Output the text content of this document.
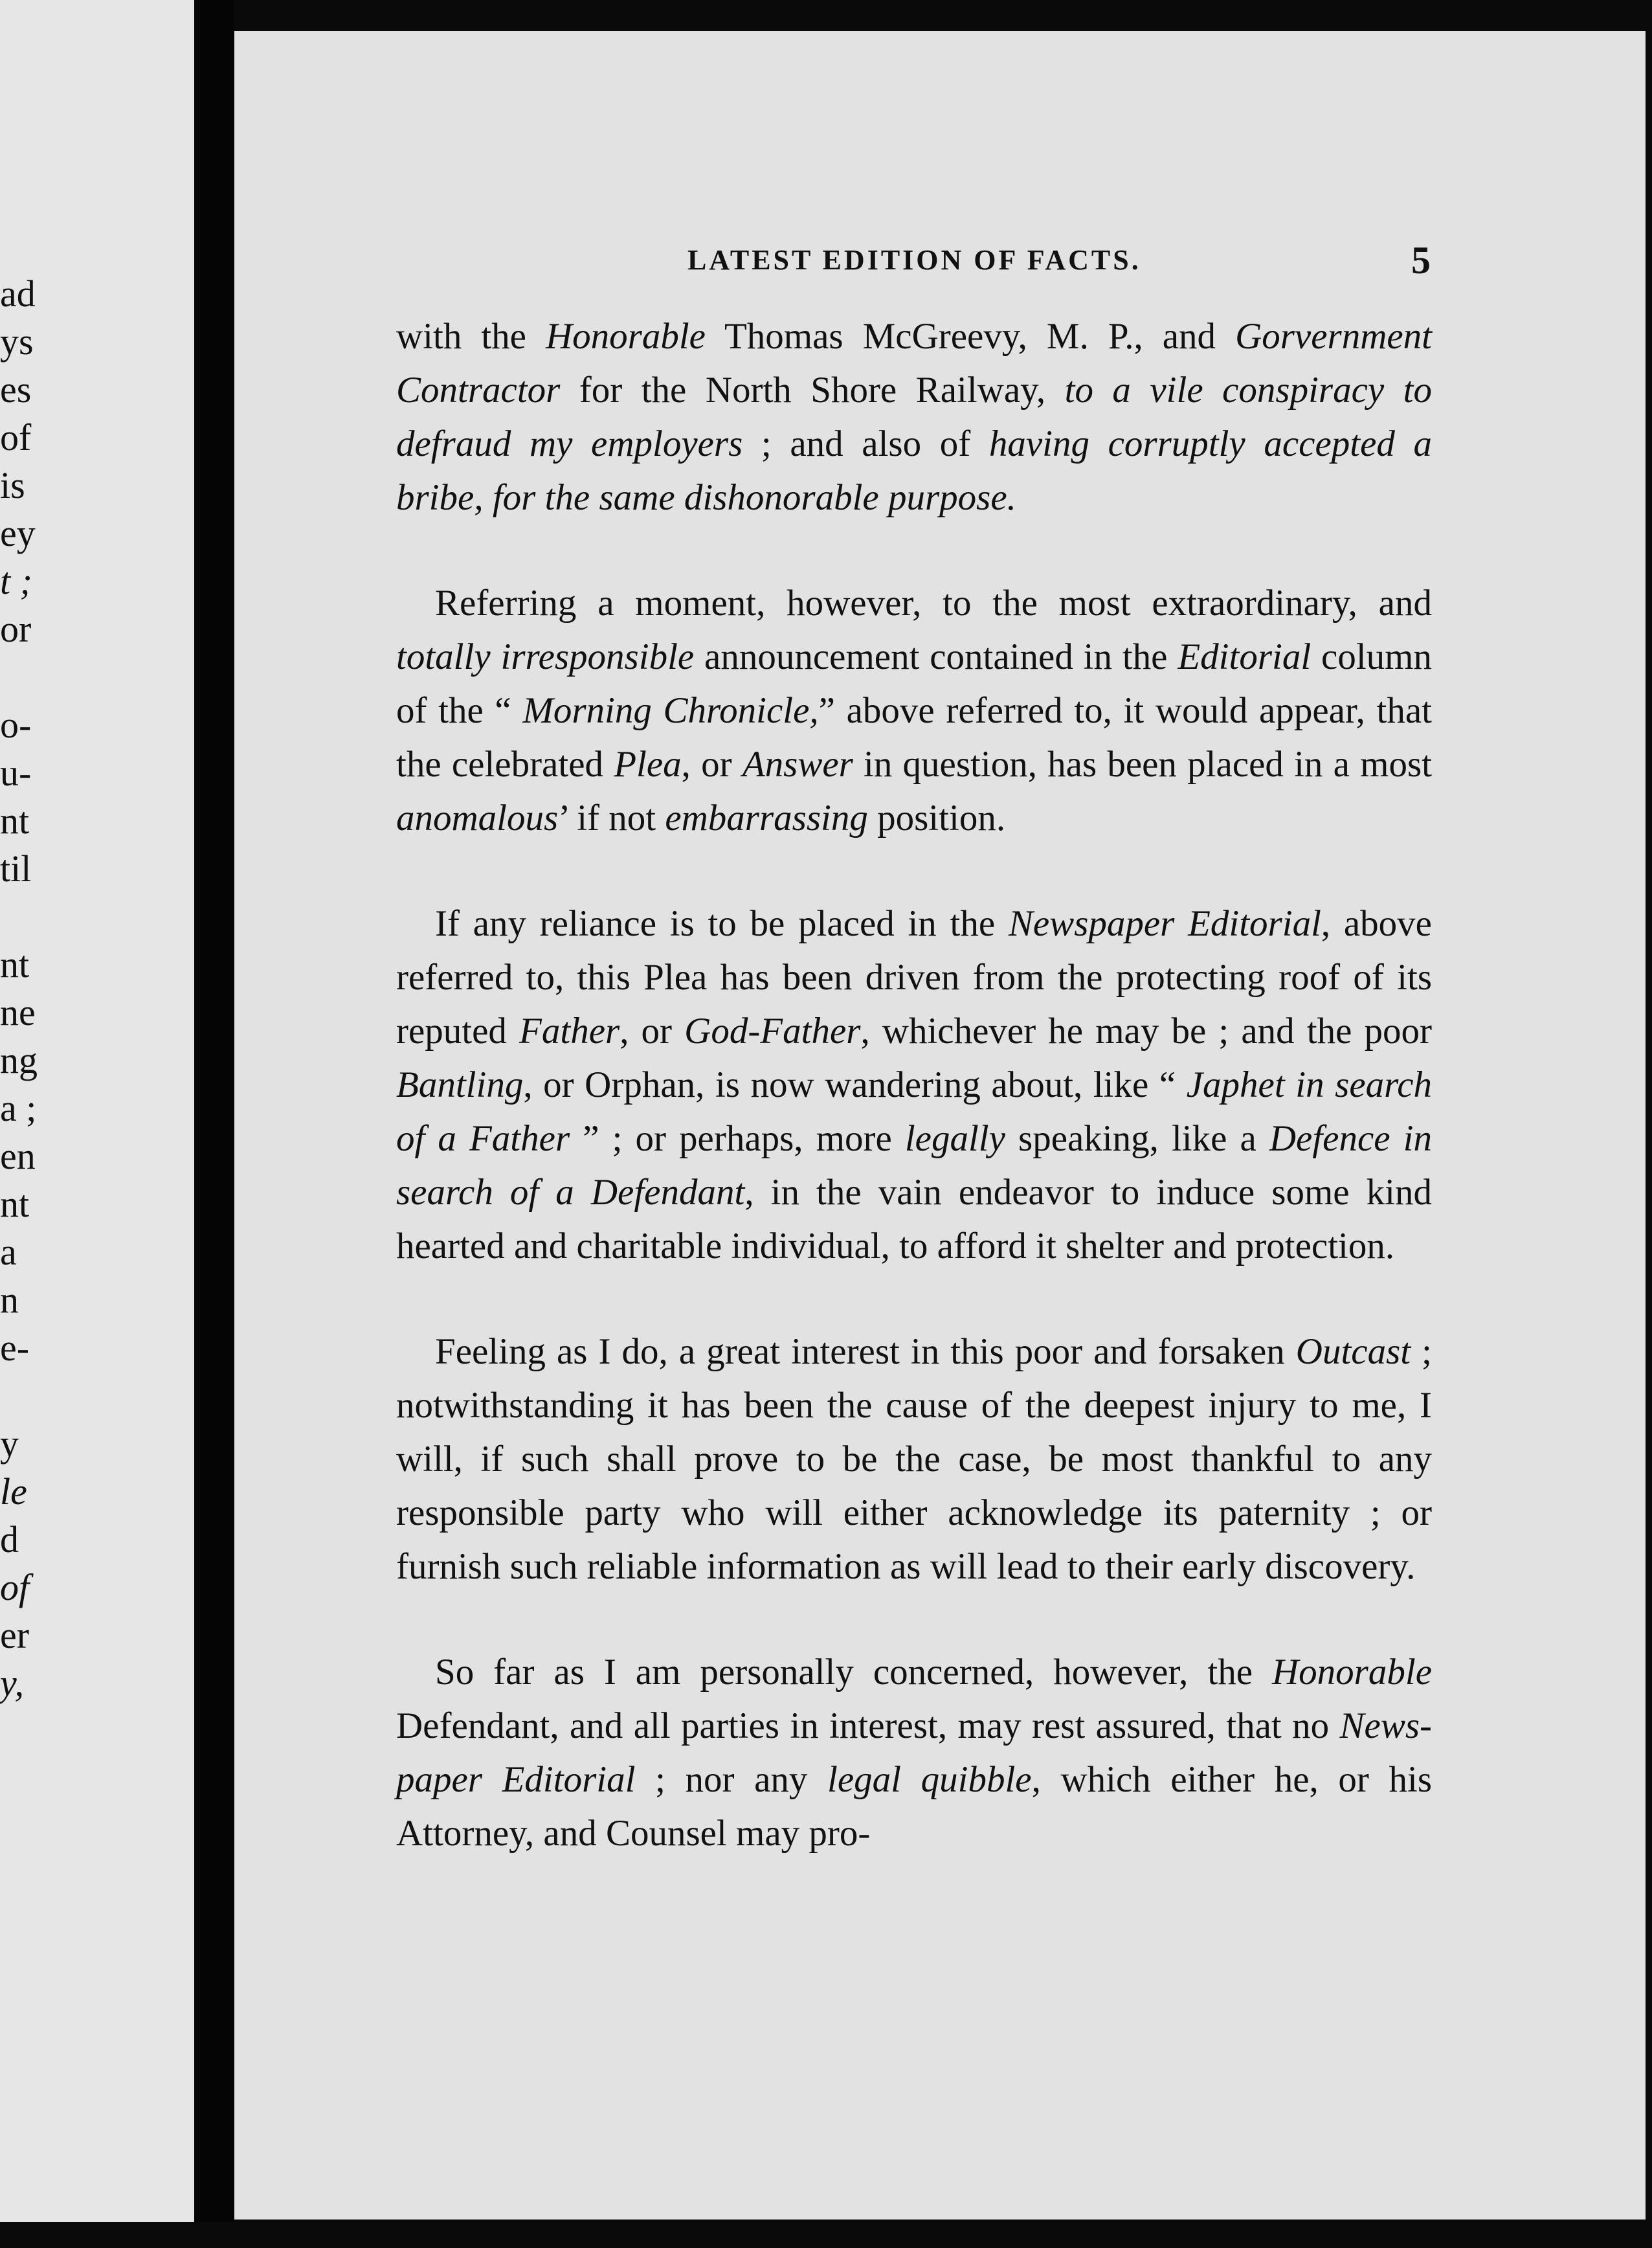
ad
ys
es
of
is
ey
t ;
or
o-
u-
nt
til
nt
ne
ng
a ;
en
nt
a
n
e-
y
le
d
of
er
y,
LATEST EDITION OF FACTS.	5

with the Honorable Thomas McGreevy, M. P., and Gorvernment Contractor for the North Shore Railway, to a vile conspiracy to defraud my employers ; and also of having corruptly accepted a bribe, for the same dishonorable purpose.

Referring a moment, however, to the most extraordinary, and totally irresponsible announcement contained in the Editorial column of the “ Morning Chronicle,” above referred to, it would appear, that the celebrated Plea, or Answer in question, has been placed in a most anomalous’ if not embarrassing position.

If any reliance is to be placed in the Newspaper Editorial, above referred to, this Plea has been driven from the protecting roof of its reputed Father, or God-Father, whichever he may be ; and the poor Bantling, or Orphan, is now wandering about, like “ Japhet in search of a Father ” ; or perhaps, more legally speaking, like a Defence in search of a Defendant, in the vain endeavor to induce some kind hearted and charitable individual, to afford it shelter and protection.

Feeling as I do, a great interest in this poor and forsaken Outcast ; notwithstanding it has been the cause of the deepest injury to me, I will, if such shall prove to be the case, be most thankful to any responsible party who will either acknowledge its paternity ; or furnish such reliable information as will lead to their early discovery.

So far as I am personally concerned, however, the Honorable Defendant, and all parties in interest, may rest assured, that no News-paper Editorial ; nor any legal quibble, which either he, or his Attorney, and Counsel may pro-
